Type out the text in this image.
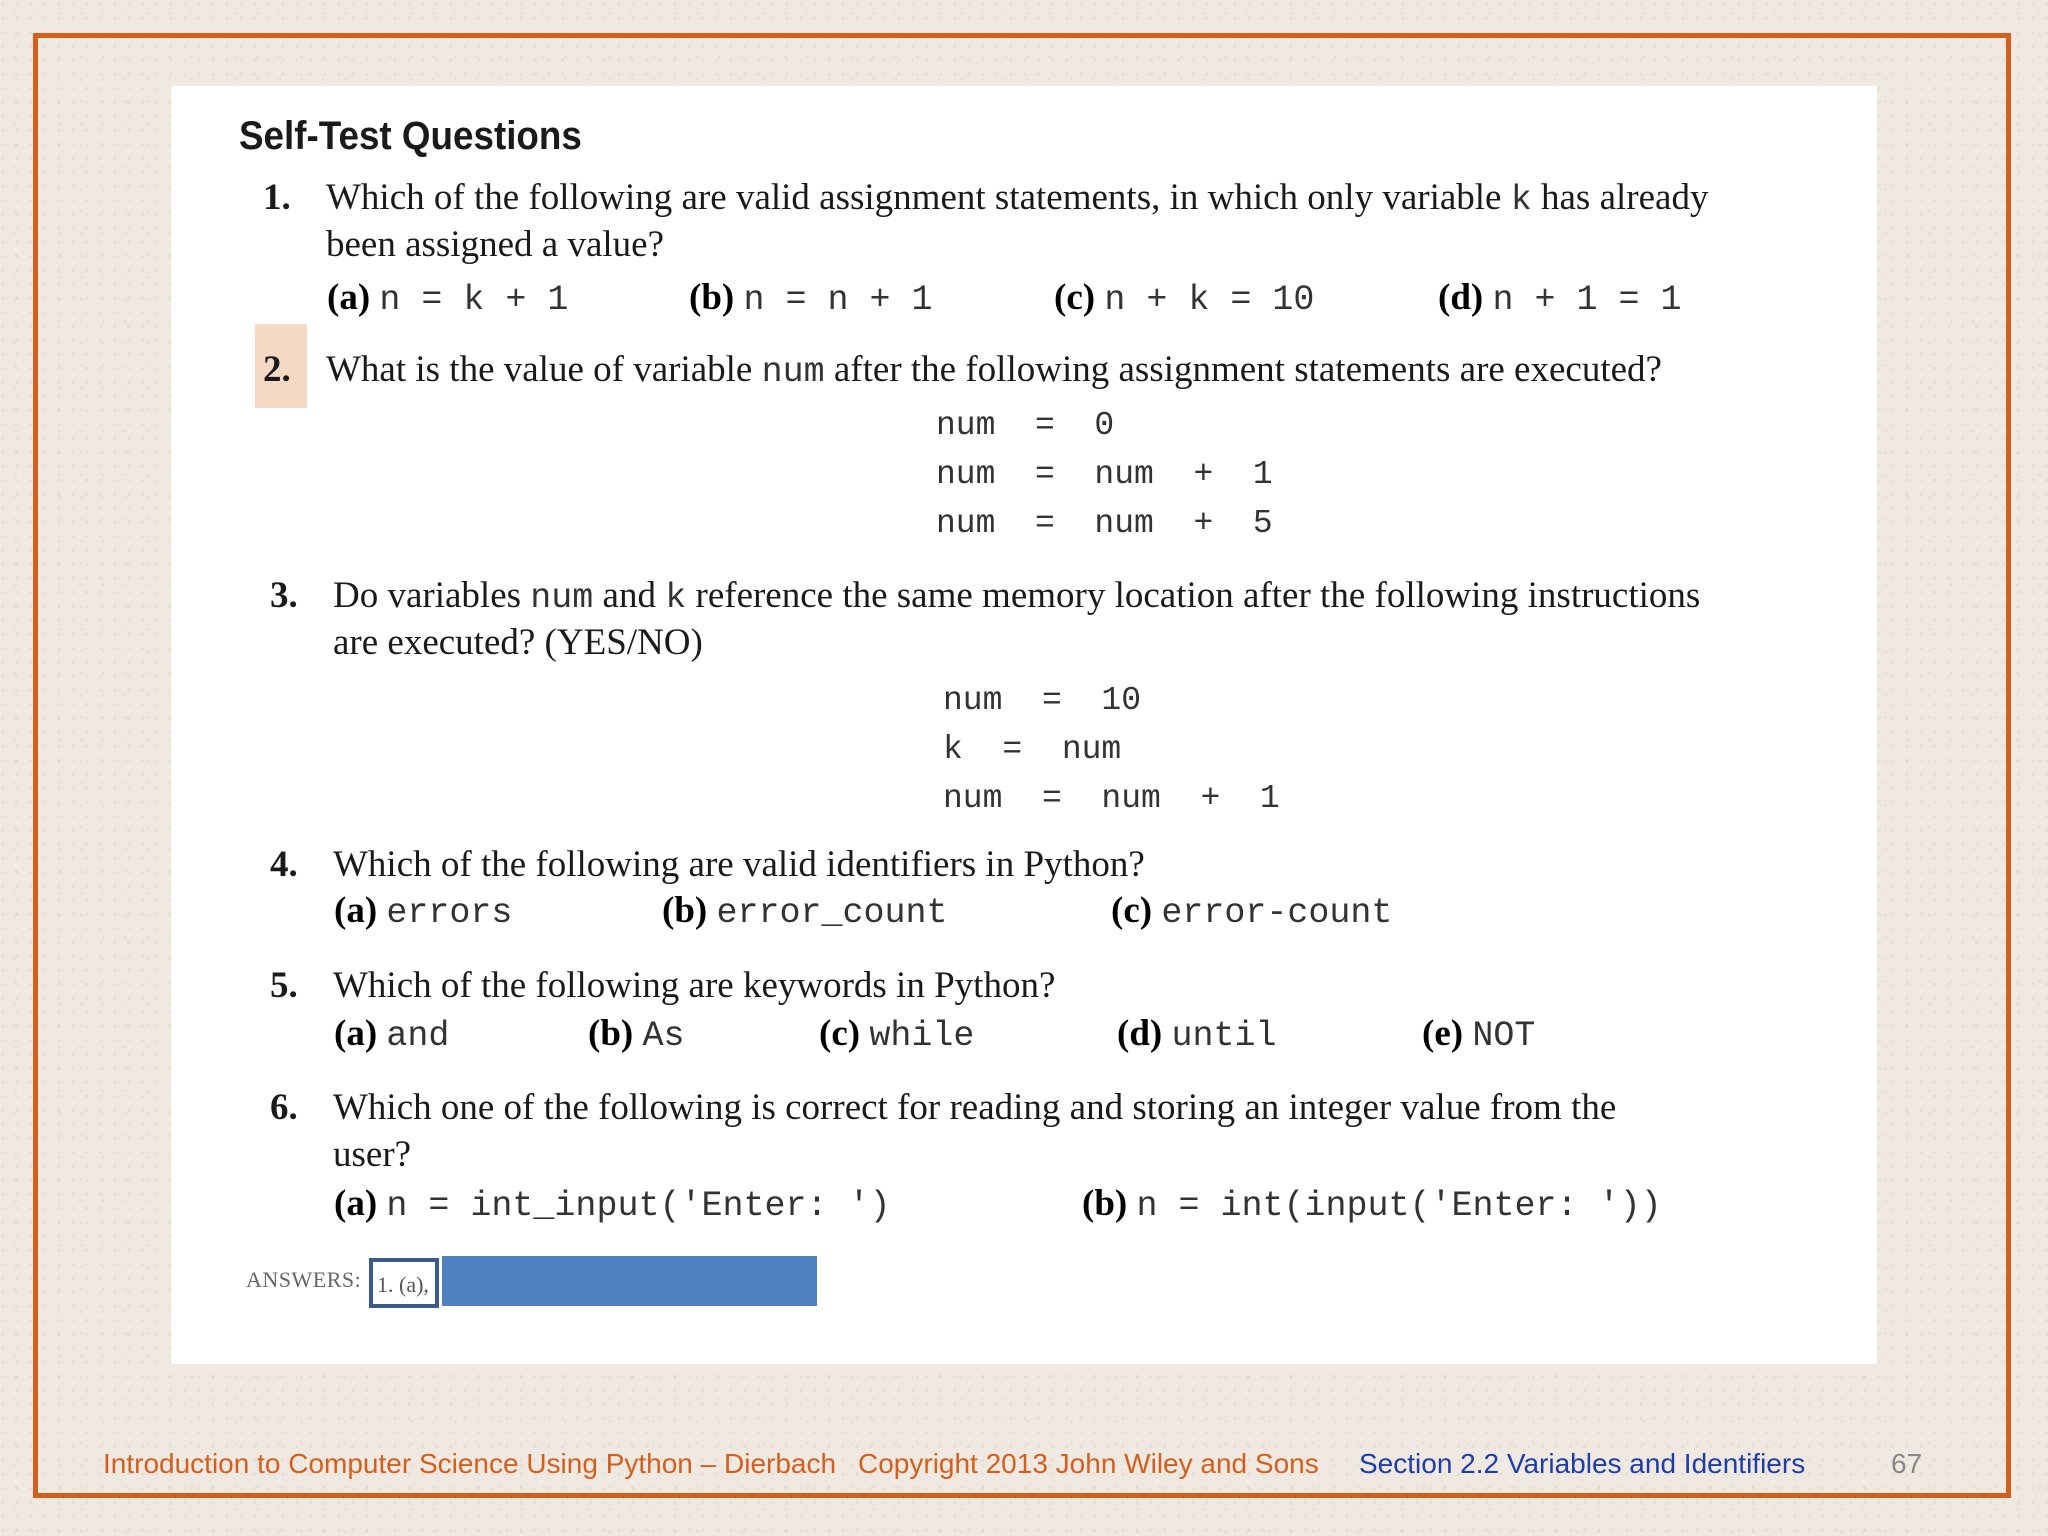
Self-Test Questions
1. Which of the following are valid assignment statements, in which only variable k has already
been assigned a value?
(a) n = k + 1	(b) n = n + 1	(c) n + k = 10	(d) n + 1 = 1
2. What is the value of variable num after the following assignment statements are executed?
num  =  0
num  =  num  +  1
num  =  num  +  5
3. Do variables num and k reference the same memory location after the following instructions
are executed? (YES/NO)
num  =  10
k  =  num
num  =  num  +  1
4. Which of the following are valid identifiers in Python?
(a) errors	(b) error_count	(c) error-count
5. Which of the following are keywords in Python?
(a) and	(b) As	(c) while	(d) until	(e) NOT
6. Which one of the following is correct for reading and storing an integer value from the
user?
(a) n = int_input('Enter: ')	(b) n = int(input('Enter: '))
ANSWERS: 1. (a),
Introduction to Computer Science Using Python – Dierbach Copyright 2013 John Wiley and Sons Section 2.2 Variables and Identifiers	67
